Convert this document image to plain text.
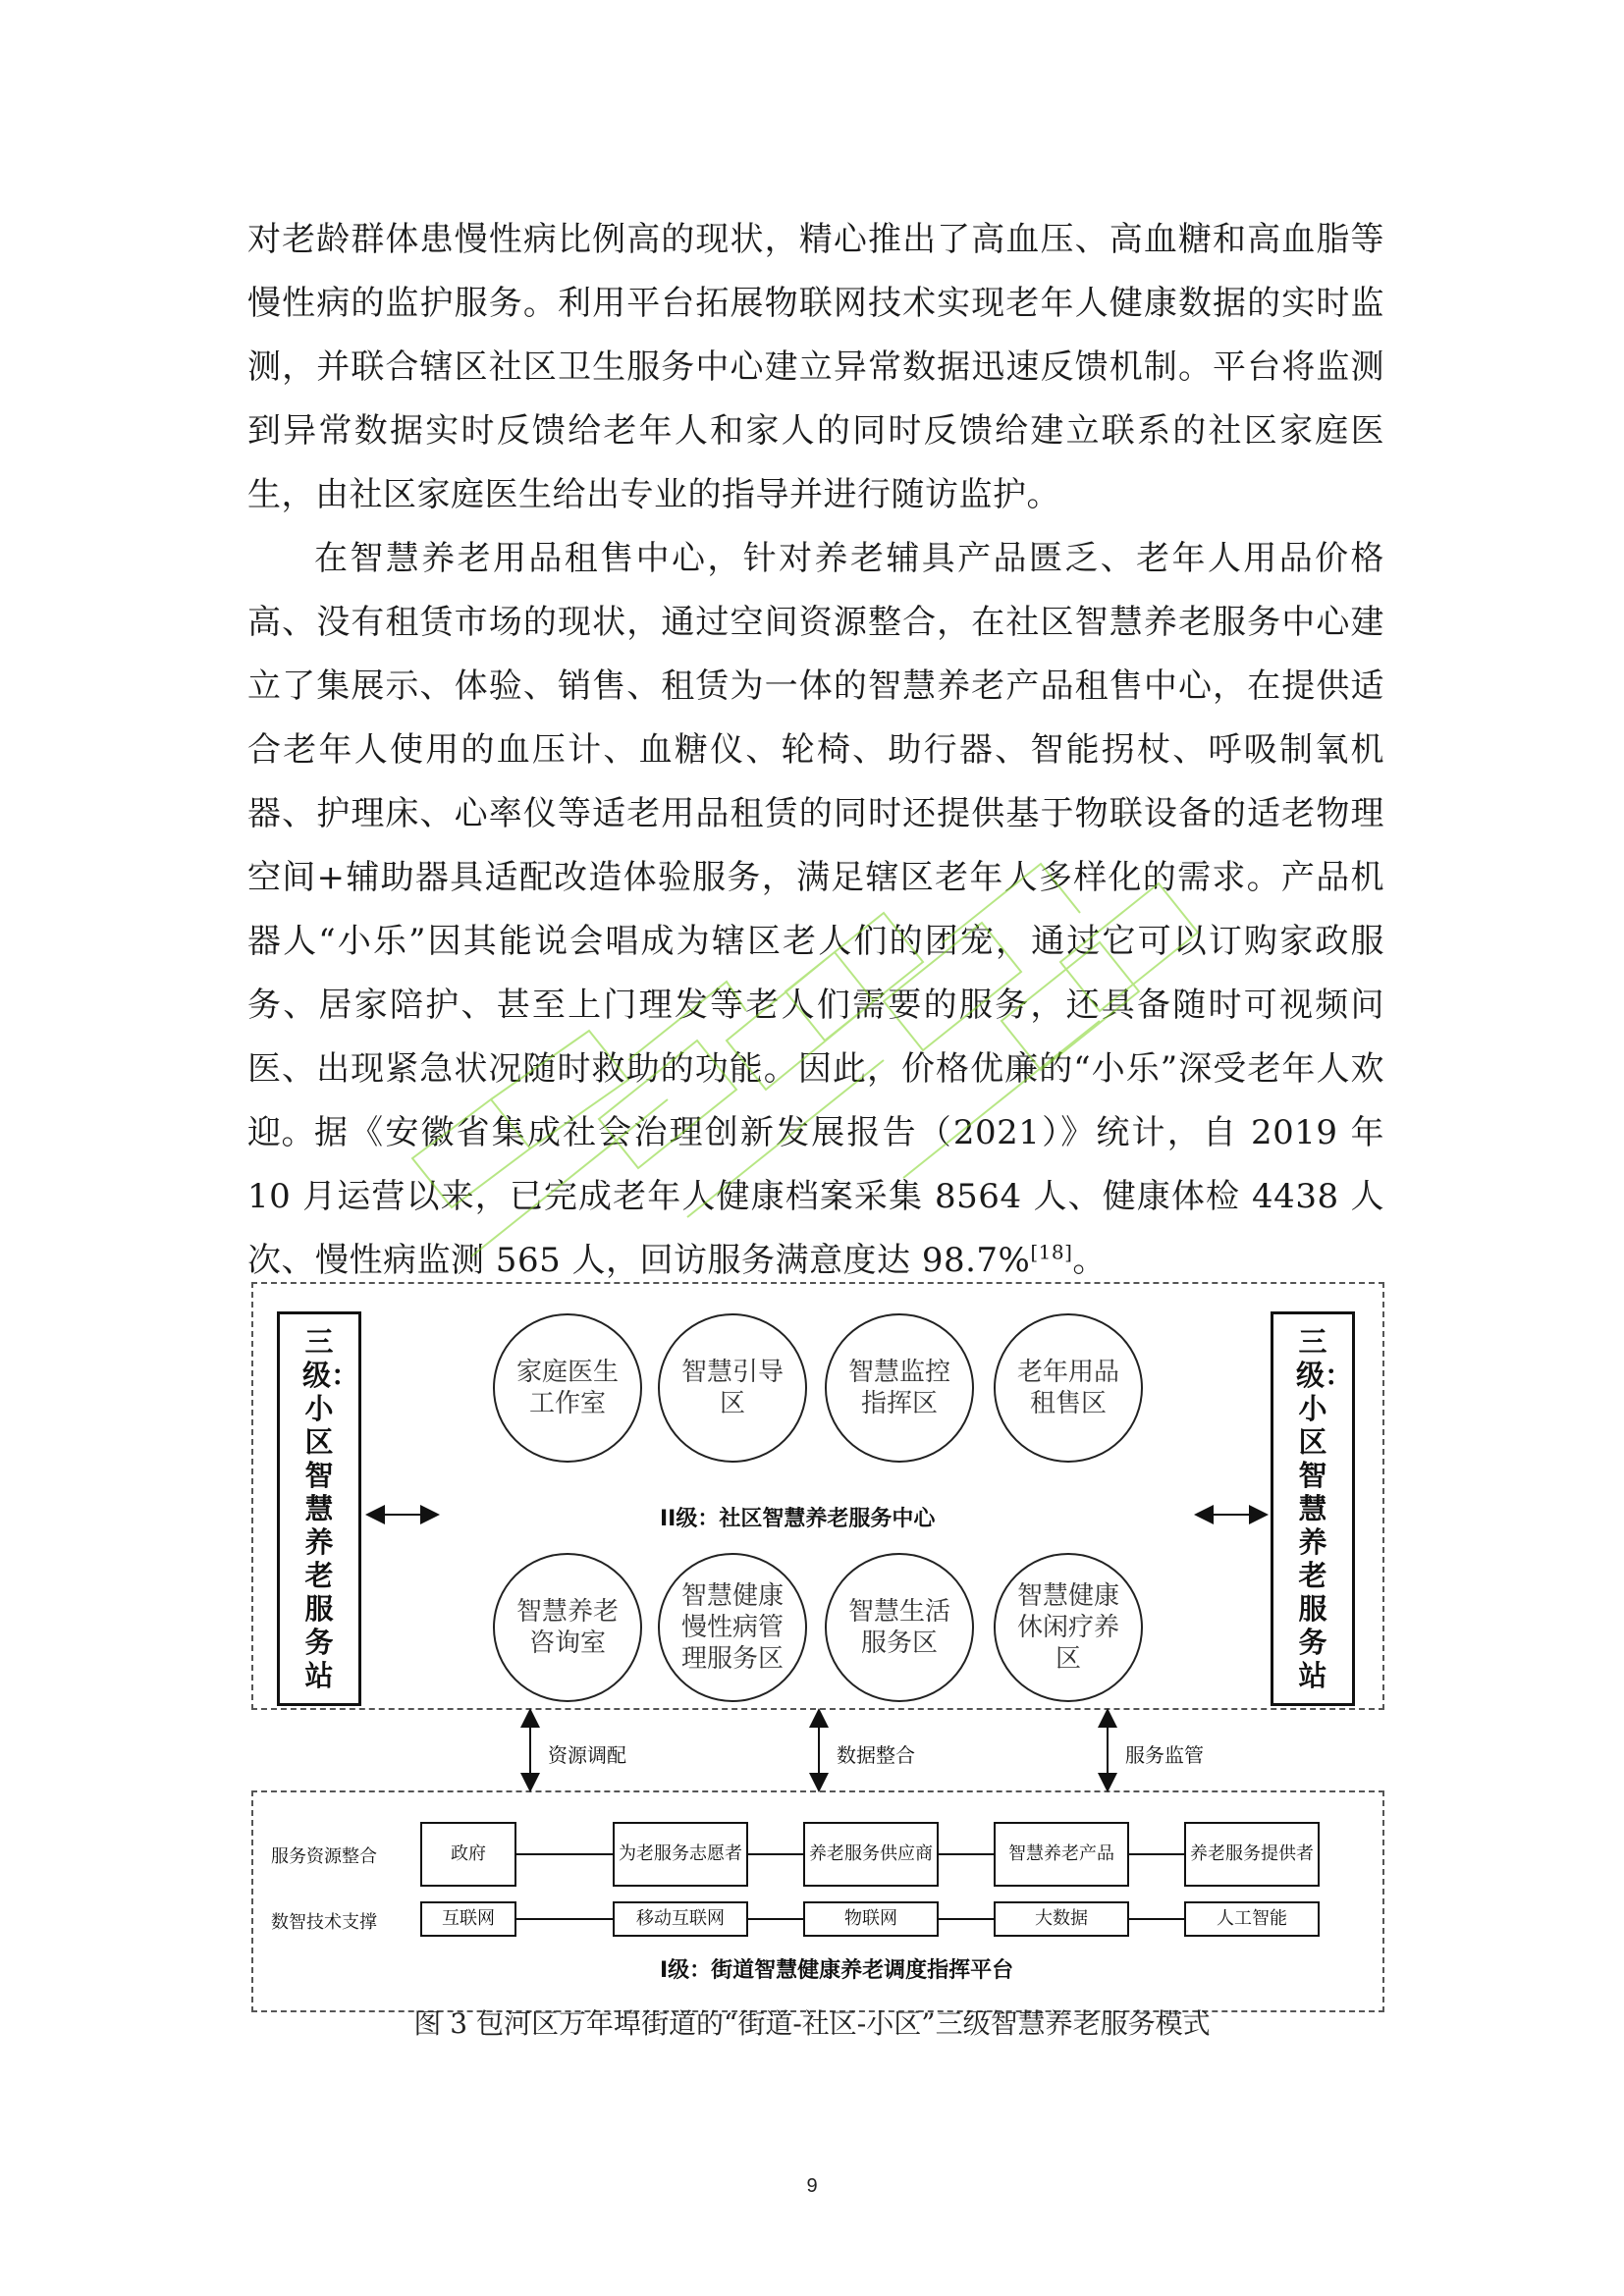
对老龄群体患慢性病比例高的现状，精心推出了高血压、高血糖和高血脂等慢性病的监护服务。利用平台拓展物联网技术实现老年人健康数据的实时监测，并联合辖区社区卫生服务中心建立异常数据迅速反馈机制。平台将监测到异常数据实时反馈给老年人和家人的同时反馈给建立联系的社区家庭医生，由社区家庭医生给出专业的指导并进行随访监护。

在智慧养老用品租售中心，针对养老辅具产品匮乏、老年人用品价格高、没有租赁市场的现状，通过空间资源整合，在社区智慧养老服务中心建立了集展示、体验、销售、租赁为一体的智慧养老产品租售中心，在提供适合老年人使用的血压计、血糖仪、轮椅、助行器、智能拐杖、呼吸制氧机器、护理床、心率仪等适老用品租赁的同时还提供基于物联设备的适老物理空间+辅助器具适配改造体验服务，满足辖区老年人多样化的需求。产品机器人“小乐”因其能说会唱成为辖区老人们的团宠，通过它可以订购家政服务、居家陪护、甚至上门理发等老人们需要的服务，还具备随时可视频问医、出现紧急状况随时救助的功能。因此，价格优廉的“小乐”深受老年人欢迎。 据《安徽省集成社会治理创新发展报告（2021）》统计，自 2019 年 10 月运营以来，已完成老年人健康档案采集 8564 人、健康体检 4438 人次、慢性病监测 565 人，回访服务满意度达 98.7%[18]。

三级：小区智慧养老服务站
三级：小区智慧养老服务站
家庭医生工作室
智慧引导区
智慧监控指挥区
老年用品租售区
II级：社区智慧养老服务中心
智慧养老咨询室
智慧健康慢性病管理服务区
智慧生活服务区
智慧健康休闲疗养区
资源调配	数据整合	服务监管
服务资源整合	政府	为老服务志愿者	养老服务供应商	智慧养老产品	养老服务提供者
数智技术支撑	互联网	移动互联网	物联网	大数据	人工智能
I级：街道智慧健康养老调度指挥平台
图 3 包河区万年埠街道的“街道-社区-小区”三级智慧养老服务模式
9
